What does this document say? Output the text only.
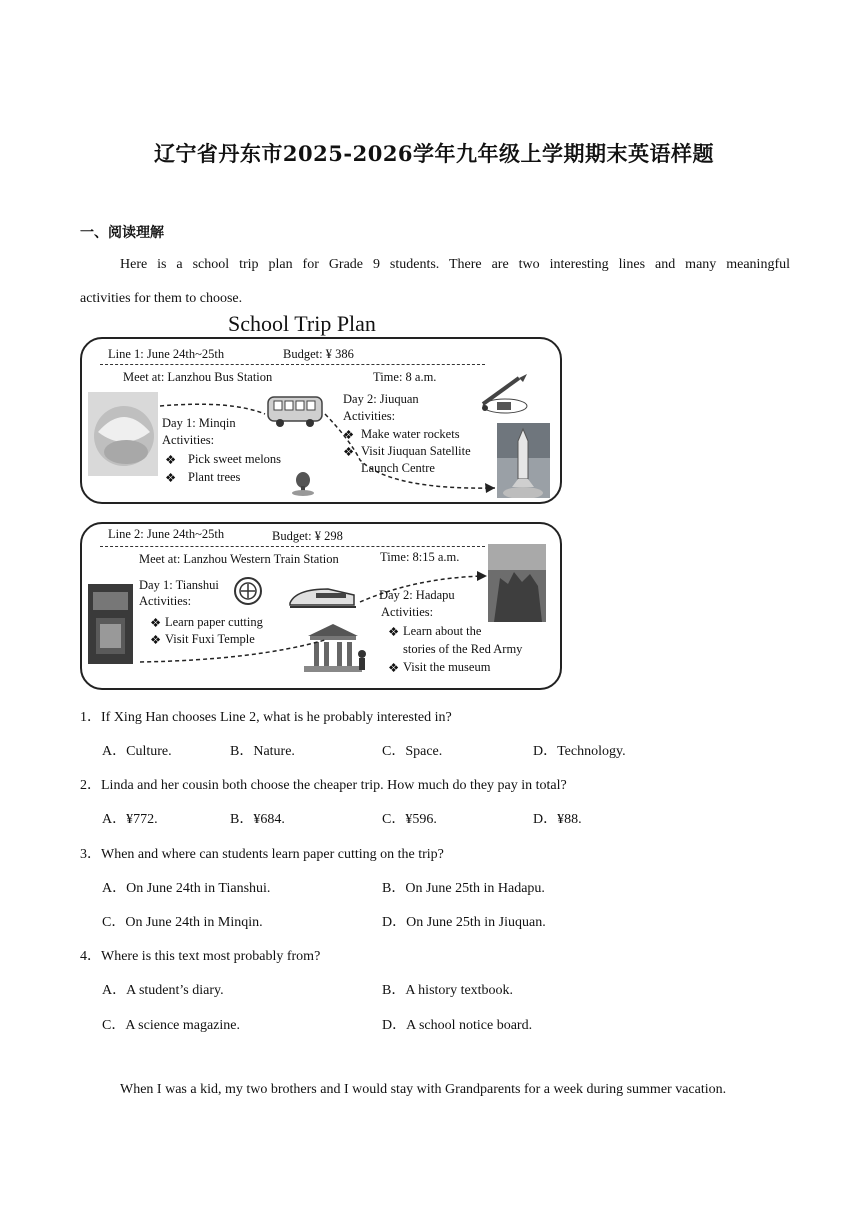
辽宁省丹东市2025-2026学年九年级上学期期末英语样题
一、阅读理解
Here is a school trip plan for Grade 9 students. There are two interesting lines and many meaningful
activities for them to choose.
School Trip Plan
Line 1: June 24th~25th	Budget: ¥ 386
Meet at: Lanzhou Bus Station	Time: 8 a.m.
Day 1: Minqin
Activities:
❖ Pick sweet melons
❖ Plant trees
Day 2: Jiuquan
Activities:
❖ Make water rockets
❖ Visit Jiuquan Satellite
Launch Centre
Line 2: June 24th~25th	Budget: ¥ 298
Meet at: Lanzhou Western Train Station	Time: 8:15 a.m.
Day 1: Tianshui
Activities:
❖ Learn paper cutting
❖ Visit Fuxi Temple
Day 2: Hadapu
Activities:
❖ Learn about the
stories of the Red Army
❖ Visit the museum
1．If Xing Han chooses Line 2, what is he probably interested in?
A．Culture.	B．Nature.	C．Space.	D．Technology.
2．Linda and her cousin both choose the cheaper trip. How much do they pay in total?
A．¥772.	B．¥684.	C．¥596.	D．¥88.
3．When and where can students learn paper cutting on the trip?
A．On June 24th in Tianshui.	B．On June 25th in Hadapu.
C．On June 24th in Minqin.	D．On June 25th in Jiuquan.
4．Where is this text most probably from?
A．A student’s diary.	B．A history textbook.
C．A science magazine.	D．A school notice board.
When I was a kid, my two brothers and I would stay with Grandparents for a week during summer vacation.
